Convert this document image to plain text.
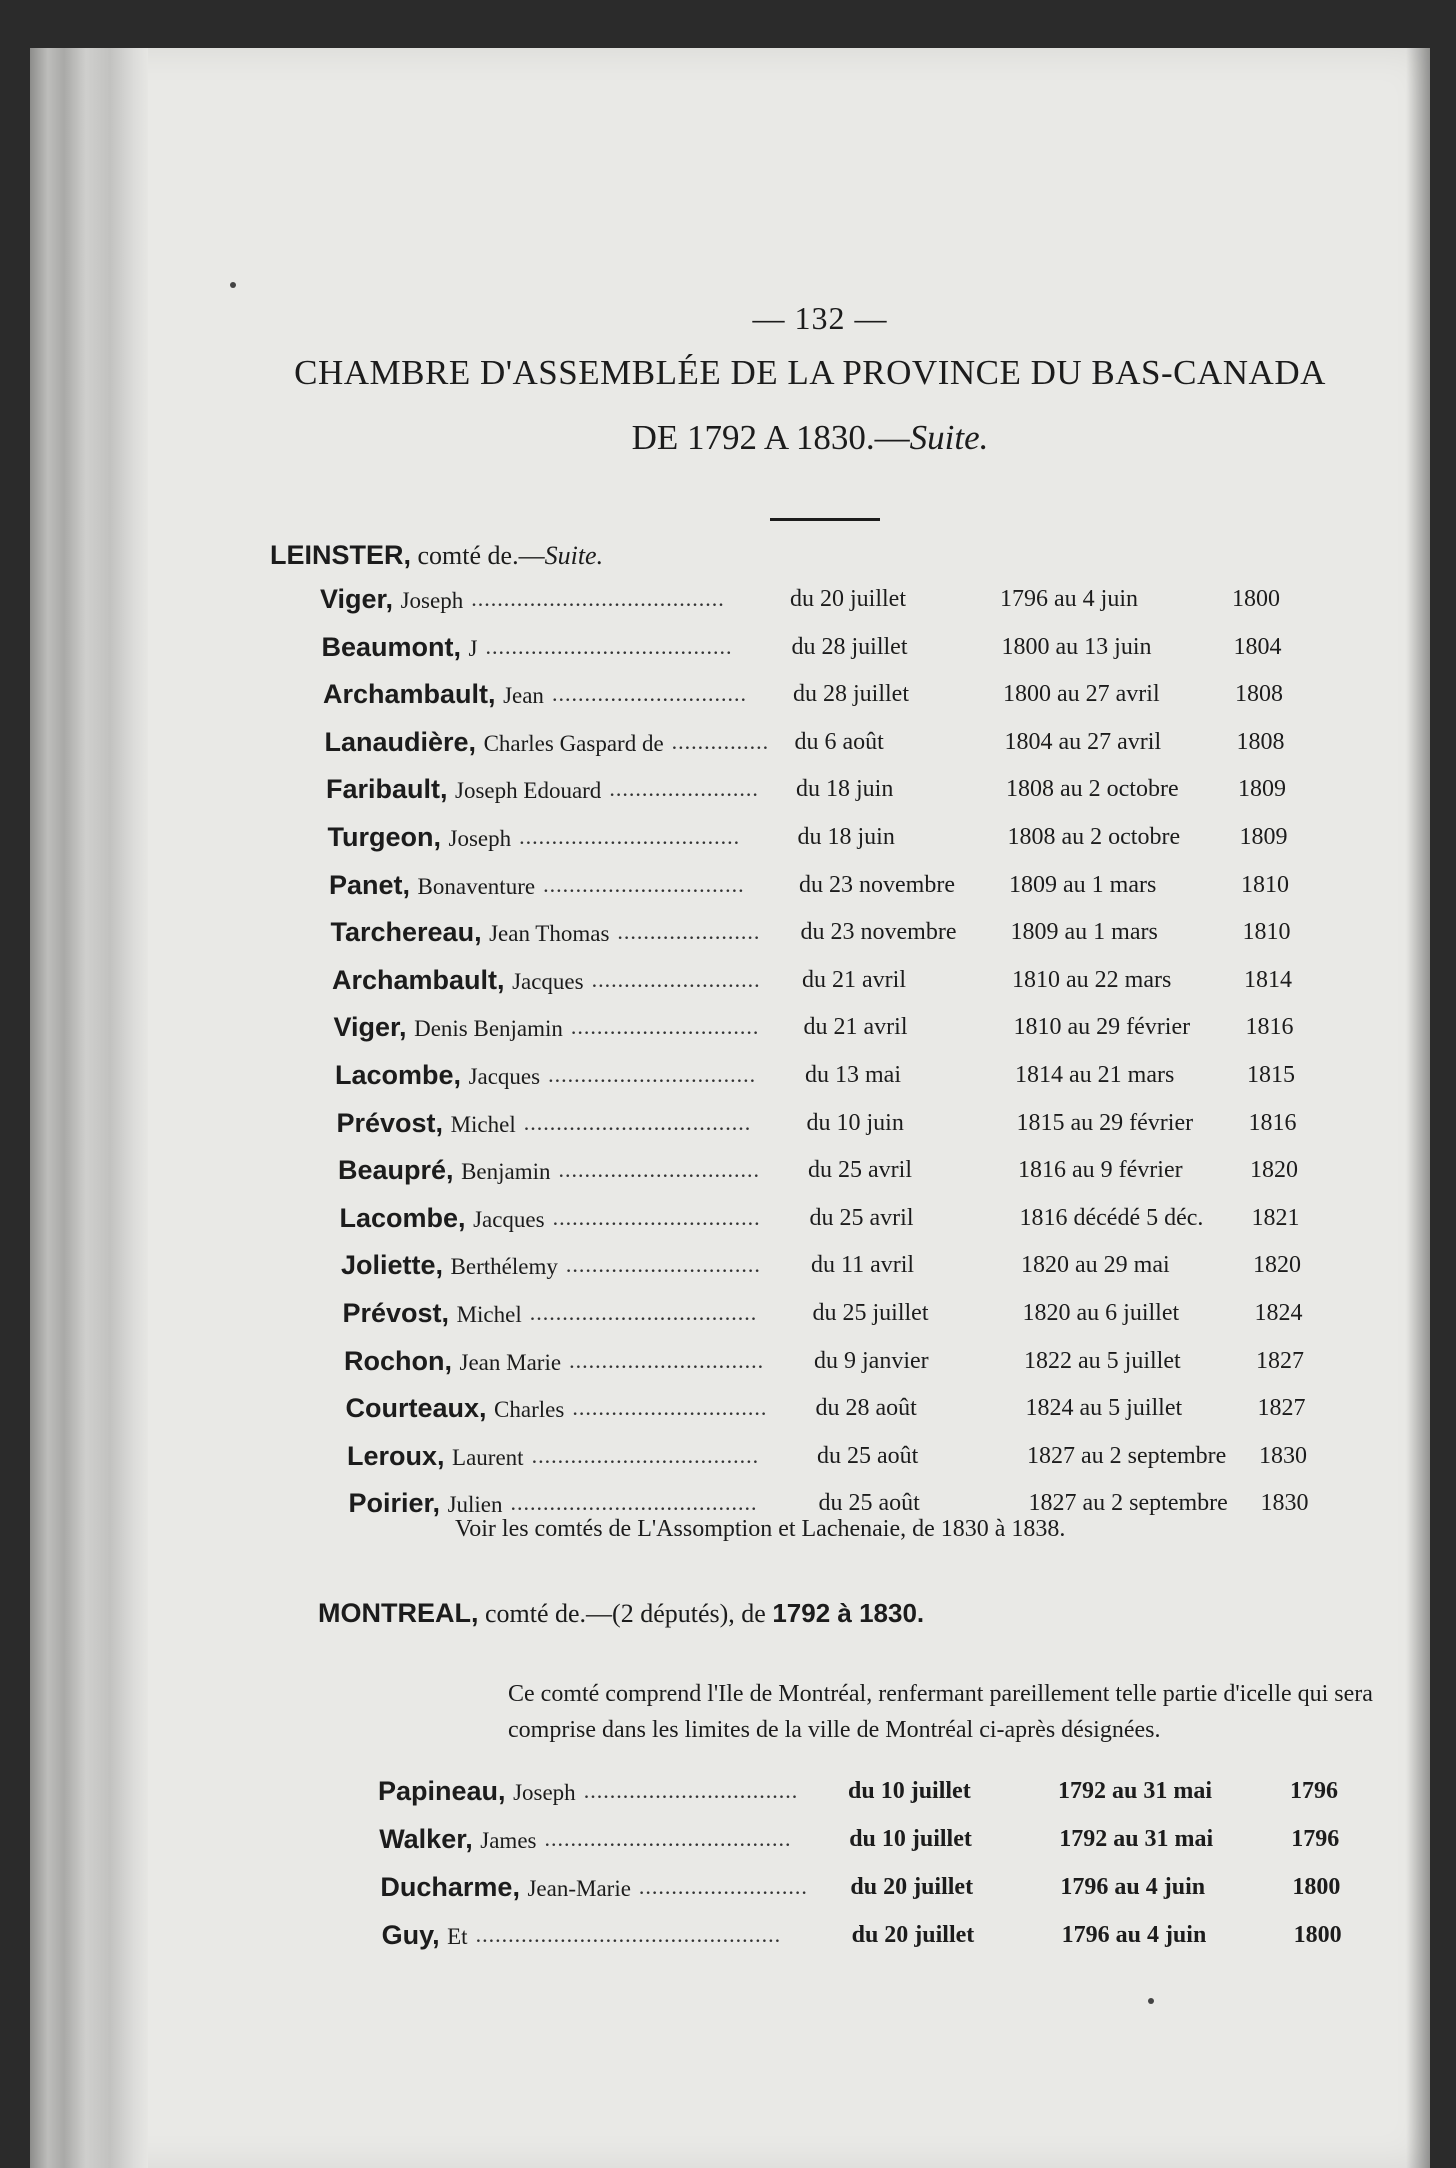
— 132 —
CHAMBRE D'ASSEMBLÉE DE LA PROVINCE DU BAS-CANADA
DE 1792 A 1830.—Suite.
LEINSTER, comté de.—Suite.
Viger, Joseph .......................................	du 20 juillet	1796 au 4 juin	1800
Beaumont, J ......................................	du 28 juillet	1800 au 13 juin	1804
Archambault, Jean ..............................	du 28 juillet	1800 au 27 avril	1808
Lanaudière, Charles Gaspard de ...............	du 6 août	1804 au 27 avril	1808
Faribault, Joseph Edouard .......................	du 18 juin	1808 au 2 octobre	1809
Turgeon, Joseph ..................................	du 18 juin	1808 au 2 octobre	1809
Panet, Bonaventure ...............................	du 23 novembre	1809 au 1 mars	1810
Tarchereau, Jean Thomas ......................	du 23 novembre	1809 au 1 mars	1810
Archambault, Jacques ..........................	du 21 avril	1810 au 22 mars	1814
Viger, Denis Benjamin .............................	du 21 avril	1810 au 29 février	1816
Lacombe, Jacques ................................	du 13 mai	1814 au 21 mars	1815
Prévost, Michel ...................................	du 10 juin	1815 au 29 février	1816
Beaupré, Benjamin ...............................	du 25 avril	1816 au 9 février	1820
Lacombe, Jacques ................................	du 25 avril	1816 décédé 5 déc.	1821
Joliette, Berthélemy ..............................	du 11 avril	1820 au 29 mai	1820
Prévost, Michel ...................................	du 25 juillet	1820 au 6 juillet	1824
Rochon, Jean Marie ..............................	du 9 janvier	1822 au 5 juillet	1827
Courteaux, Charles ..............................	du 28 août	1824 au 5 juillet	1827
Leroux, Laurent ...................................	du 25 août	1827 au 2 septembre	1830
Poirier, Julien ......................................	du 25 août	1827 au 2 septembre	1830
Voir les comtés de L'Assomption et Lachenaie, de 1830 à 1838.
MONTREAL, comté de.—(2 députés), de 1792 à 1830.
Ce comté comprend l'Ile de Montréal, renfermant pareillement telle partie d'icelle qui sera comprise dans les limites de la ville de Montréal ci-après désignées.
Papineau, Joseph .................................	du 10 juillet	1792 au 31 mai	1796
Walker, James ......................................	du 10 juillet	1792 au 31 mai	1796
Ducharme, Jean-Marie ..........................	du 20 juillet	1796 au 4 juin	1800
Guy, Et ...............................................	du 20 juillet	1796 au 4 juin	1800
